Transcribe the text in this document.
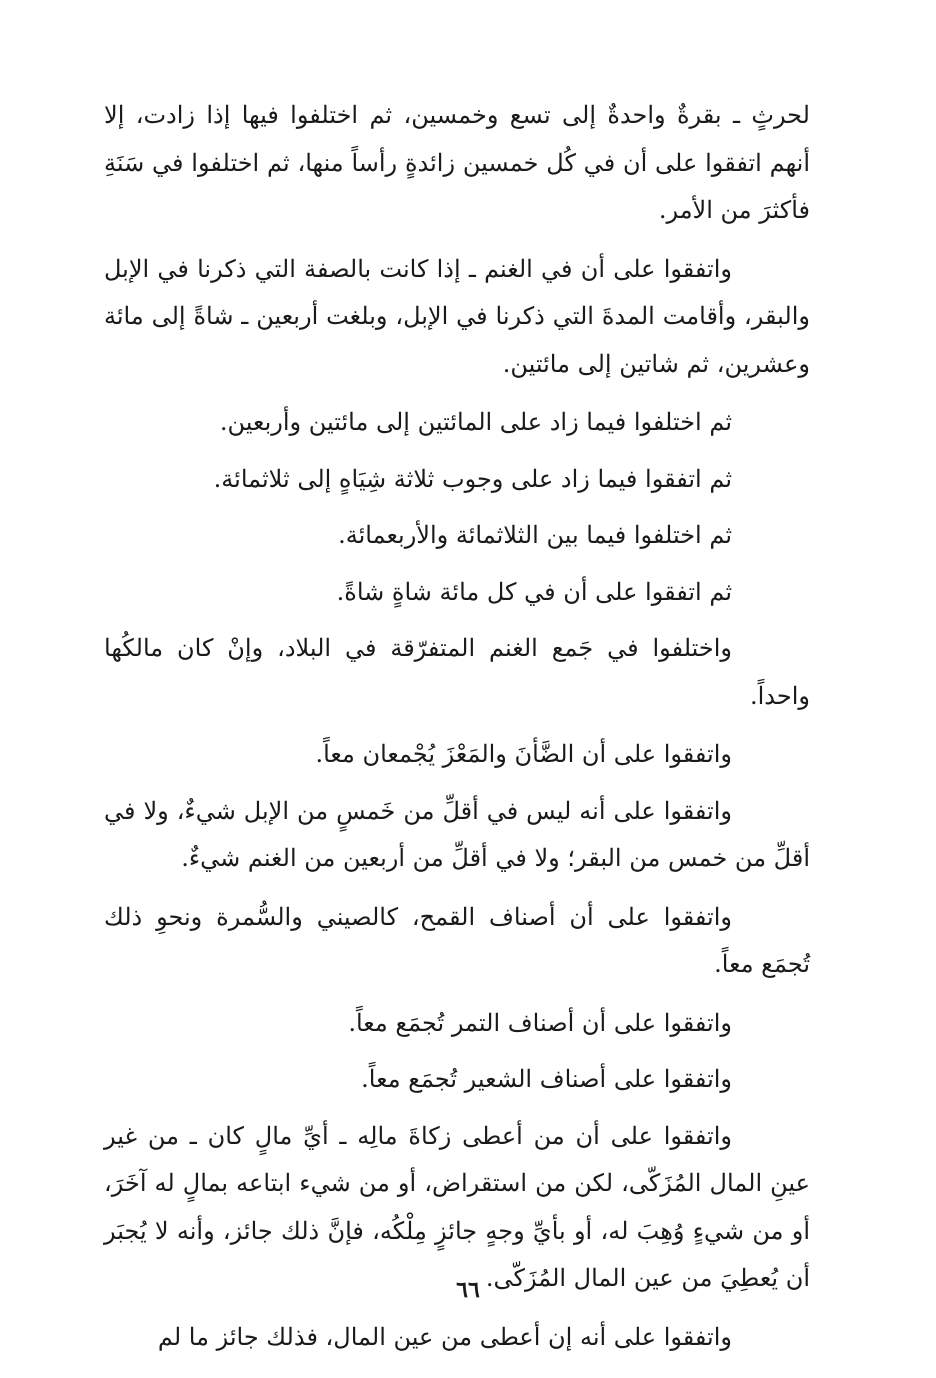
لحرثٍ ـ بقرةٌ واحدةٌ إلى تسع وخمسين، ثم اختلفوا فيها إذا زادت، إلا أنهم اتفقوا على أن في كُل خمسين زائدةٍ رأساً منها، ثم اختلفوا في سَنَةِ فأكثرَ من الأمر.

واتفقوا على أن في الغنم ـ إذا كانت بالصفة التي ذكرنا في الإبل والبقر، وأقامت المدةَ التي ذكرنا في الإبل، وبلغت أربعين ـ شاةً إلى مائة وعشرين، ثم شاتين إلى مائتين.

ثم اختلفوا فيما زاد على المائتين إلى مائتين وأربعين.

ثم اتفقوا فيما زاد على وجوب ثلاثة شِيَاهٍ إلى ثلاثمائة.

ثم اختلفوا فيما بين الثلاثمائة والأربعمائة.

ثم اتفقوا على أن في كل مائة شاةٍ شاةً.

واختلفوا في جَمع الغنم المتفرّقة في البلاد، وإنْ كان مالكُها واحداً.

واتفقوا على أن الضَّأنَ والمَعْزَ يُجْمعان معاً.

واتفقوا على أنه ليس في أقلِّ من خَمسٍ من الإبل شيءٌ، ولا في أقلِّ من خمس من البقر؛ ولا في أقلِّ من أربعين من الغنم شيءٌ.

واتفقوا على أن أصناف القمح، كالصيني والسُّمرة ونحوِ ذلك تُجمَع معاً.

واتفقوا على أن أصناف التمر تُجمَع معاً.

واتفقوا على أصناف الشعير تُجمَع معاً.

واتفقوا على أن من أعطى زكاةَ مالِه ـ أيِّ مالٍ كان ـ من غير عينِ المال المُزَكّى، لكن من استقراض، أو من شيء ابتاعه بمالٍ له آخَرَ، أو من شيءٍ وُهِبَ له، أو بأيِّ وجهٍ جائزٍ مِلْكُه، فإنَّ ذلك جائز، وأنه لا يُجبَر أن يُعطِيَ من عين المال المُزَكّى.

واتفقوا على أنه إن أعطى من عين المال، فذلك جائز ما لم

٦٦
